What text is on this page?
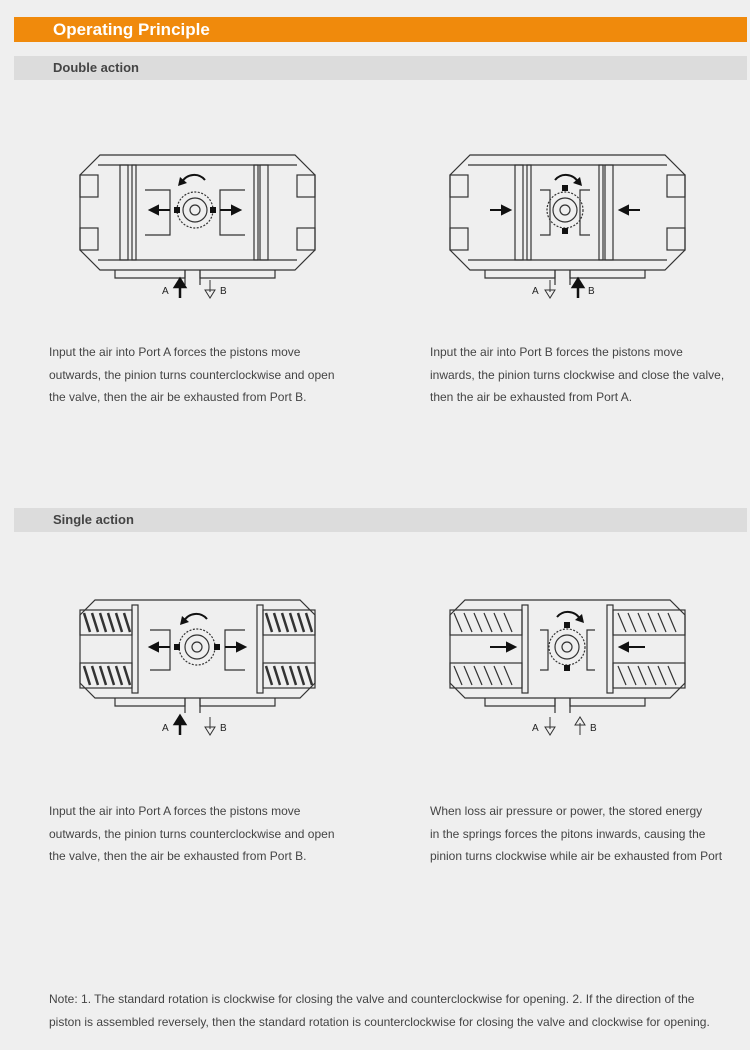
Operating Principle
Double action
A	B	A	B
Input the air into Port A forces the pistons move
outwards, the pinion turns counterclockwise and open
the valve, then the air be exhausted from Port B.
Input the air into Port B forces the pistons move
inwards, the pinion turns clockwise and close the valve,
then the air be exhausted from Port A.
Single action
A	B	A	B
Input the air into Port A forces the pistons move
outwards, the pinion turns counterclockwise and open
the valve, then the air be exhausted from Port B.
When loss air pressure or power, the stored energy
in the springs forces the pitons inwards, causing the
pinion turns clockwise while air be exhausted from Port
Note: 1. The standard rotation is clockwise for closing the valve and counterclockwise for opening. 2. If the direction of the
piston is assembled reversely, then the standard rotation is counterclockwise for closing the valve and clockwise for opening.
